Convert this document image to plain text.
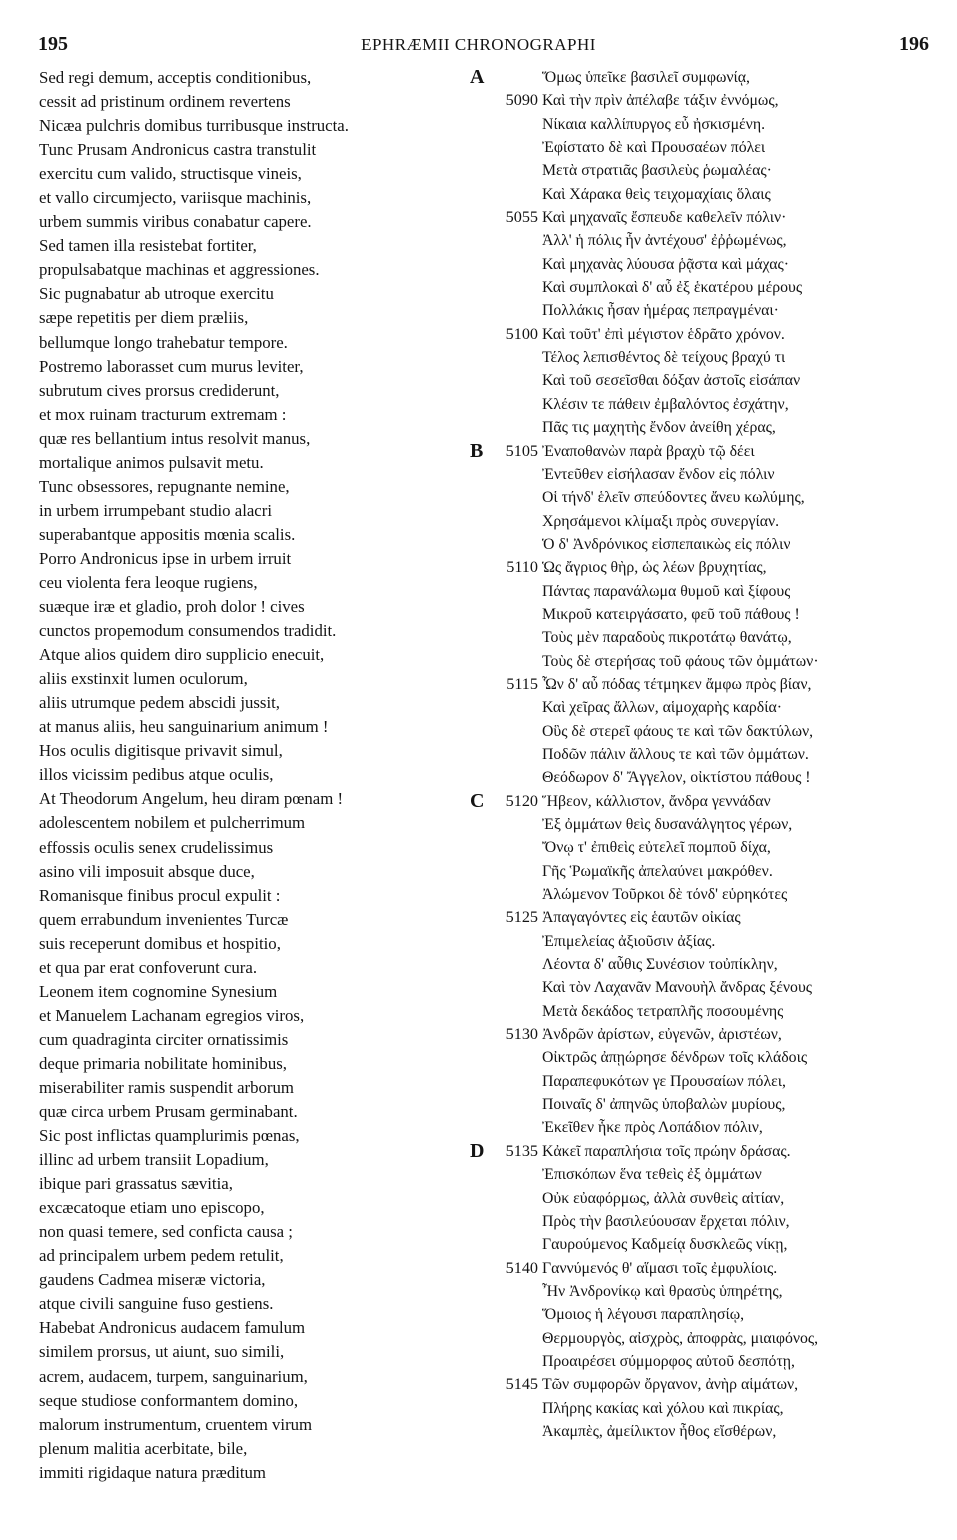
195	EPHRÆMII CHRONOGRAPHI	196
Sed regi demum, acceptis conditionibus,
cessit ad pristinum ordinem revertens
Nicæa pulchris domibus turribusque instructa.
Tunc Prusam Andronicus castra transtulit
exercitu cum valido, structisque vineis,
et vallo circumjecto, variisque machinis,
urbem summis viribus conabatur capere.
Sed tamen illa resistebat fortiter,
propulsabatque machinas et aggressiones.
Sic pugnabatur ab utroque exercitu
sæpe repetitis per diem præliis,
bellumque longo trahebatur tempore.
Postremo laborasset cum murus leviter,
subrutum cives prorsus crediderunt,
et mox ruinam tracturum extremam :
quæ res bellantium intus resolvit manus,
mortalique animos pulsavit metu.
Tunc obsessores, repugnante nemine,
in urbem irrumpebant studio alacri
superabantque appositis mœnia scalis.
Porro Andronicus ipse in urbem irruit
ceu violenta fera leoque rugiens,
suæque iræ et gladio, proh dolor ! cives
cunctos propemodum consumendos tradidit.
Atque alios quidem diro supplicio enecuit,
aliis exstinxit lumen oculorum,
aliis utrumque pedem abscidi jussit,
at manus aliis, heu sanguinarium animum !
Hos oculis digitisque privavit simul,
illos vicissim pedibus atque oculis,
At Theodorum Angelum, heu diram pœnam !
adolescentem nobilem et pulcherrimum
effossis oculis senex crudelissimus
asino vili imposuit absque duce,
Romanisque finibus procul expulit :
quem errabundum invenientes Turcæ
suis receperunt domibus et hospitio,
et qua par erat confoverunt cura.
Leonem item cognomine Synesium
et Manuelem Lachanam egregios viros,
cum quadraginta circiter ornatissimis
deque primaria nobilitate hominibus,
miserabiliter ramis suspendit arborum
quæ circa urbem Prusam germinabant.
Sic post inflictas quamplurimis pœnas,
illinc ad urbem transiit Lopadium,
ibique pari grassatus sævitia,
excæcatoque etiam uno episcopo,
non quasi temere, sed conficta causa ;
ad principalem urbem pedem retulit,
gaudens Cadmea miseræ victoria,
atque civili sanguine fuso gestiens.
Habebat Andronicus audacem famulum
similem prorsus, ut aiunt, suo simili,
acrem, audacem, turpem, sanguinarium,
seque studiose conformantem domino,
malorum instrumentum, cruentem virum
plenum malitia acerbitate, bile,
immiti rigidaque natura præditum
A	Ὅμως ὑπεῖκε βασιλεῖ συμφωνίᾳ,
5090 Καὶ τὴν πρὶν ἀπέλαβε τάξιν ἐννόμως,
Νίκαια καλλίπυργος εὖ ἠσκισμένη.
Ἐφίστατο δὲ καὶ Προυσαέων πόλει
Μετὰ στρατιᾶς βασιλεὺς ῥωμαλέας·
Καὶ Χάρακα θεὶς τειχομαχίαις ὅλαις
5055 Καὶ μηχαναῖς ἔσπευδε καθελεῖν πόλιν·
Ἀλλ' ἡ πόλις ἦν ἀντέχουσ' ἐῤῥωμένως,
Καὶ μηχανὰς λύουσα ῥᾷστα καὶ μάχας·
Καὶ συμπλοκαὶ δ' αὖ ἐξ ἑκατέρου μέρους
Πολλάκις ἦσαν ἡμέρας πεπραγμέναι·
5100 Καὶ τοῦτ' ἐπὶ μέγιστον ἑδρᾶτο χρόνον.
Τέλος λεπισθέντος δὲ τείχους βραχύ τι
Καὶ τοῦ σεσεῖσθαι δόξαν ἀστοῖς εἰσάπαν
Κλέσιν τε πάθειν ἐμβαλόντος ἐσχάτην,
Πᾶς τις μαχητὴς ἔνδον ἀνείθη χέρας,
B	5105 Ἐναποθανὼν παρὰ βραχὺ τῷ δέει
Ἐντεῦθεν εἰσήλασαν ἔνδον εἰς πόλιν
Οἱ τήνδ' ἑλεῖν σπεύδοντες ἄνευ κωλύμης,
Χρησάμενοι κλίμαξι πρὸς συνεργίαν.
Ὁ δ' Ἀνδρόνικος εἰσπεπαικὼς εἰς πόλιν
5110 Ὡς ἄγριος θὴρ, ὡς λέων βρυχητίας,
Πάντας παρανάλωμα θυμοῦ καὶ ξίφους
Μικροῦ κατειργάσατο, φεῦ τοῦ πάθους !
Τοὺς μὲν παραδοὺς πικροτάτῳ θανάτῳ,
Τοὺς δὲ στερήσας τοῦ φάους τῶν ὀμμάτων·
5115 Ὧν δ' αὖ πόδας τέτμηκεν ἄμφω πρὸς βίαν,
Καὶ χεῖρας ἄλλων, αἱμοχαρὴς καρδία·
Οὓς δὲ στερεῖ φάους τε καὶ τῶν δακτύλων,
Ποδῶν πάλιν ἄλλους τε καὶ τῶν ὀμμάτων.
Θεόδωρον δ' Ἄγγελον, οἰκτίστου πάθους !
C	5120 Ἥβεον, κάλλιστον, ἄνδρα γεννάδαν
Ἐξ ὀμμάτων θεὶς δυσανάλγητος γέρων,
Ὄνῳ τ' ἐπιθεὶς εὐτελεῖ πομποῦ δίχα,
Γῆς Ῥωμαϊκῆς ἀπελαύνει μακρόθεν.
Ἀλώμενον Τοῦρκοι δὲ τόνδ' εὑρηκότες
5125 Ἀπαγαγόντες εἰς ἑαυτῶν οἰκίας
Ἐπιμελείας ἀξιοῦσιν ἀξίας.
Λέοντα δ' αὖθις Συνέσιον τοὐπίκλην,
Καὶ τὸν Λαχανᾶν Μανουὴλ ἄνδρας ξένους
Μετὰ δεκάδος τετραπλῆς ποσουμένης
5130 Ἀνδρῶν ἀρίστων, εὐγενῶν, ἀριστέων,
Οἰκτρῶς ἀπῃώρησε δένδρων τοῖς κλάδοις
Παραπεφυκότων γε Προυσαίων πόλει,
Ποιναῖς δ' ἀπηνῶς ὑποβαλὼν μυρίους,
Ἐκεῖθεν ἧκε πρὸς Λοπάδιον πόλιν,
D	5135 Κἀκεῖ παραπλήσια τοῖς πρώην δράσας.
Ἐπισκόπων ἕνα τεθεὶς ἐξ ὀμμάτων
Οὐκ εὐαφόρμως, ἀλλὰ συνθεὶς αἰτίαν,
Πρὸς τὴν βασιλεύουσαν ἔρχεται πόλιν,
Γαυρούμενος Καδμείᾳ δυσκλεῶς νίκῃ,
5140 Γαννύμενός θ' αἵμασι τοῖς ἐμφυλίοις.
Ἦν Ἀνδρονίκῳ καὶ θρασὺς ὑπηρέτης,
Ὅμοιος ἡ λέγουσι παραπλησίῳ,
Θερμουργὸς, αἰσχρὸς, ἀποφρὰς, μιαιφόνος,
Προαιρέσει σύμμορφος αὐτοῦ δεσπότῃ,
5145 Τῶν συμφορῶν ὄργανον, ἀνὴρ αἱμάτων,
Πλήρης κακίας καὶ χόλου καὶ πικρίας,
Ἀκαμπὲς, ἀμείλικτον ἦθος εἴσθέρων,
